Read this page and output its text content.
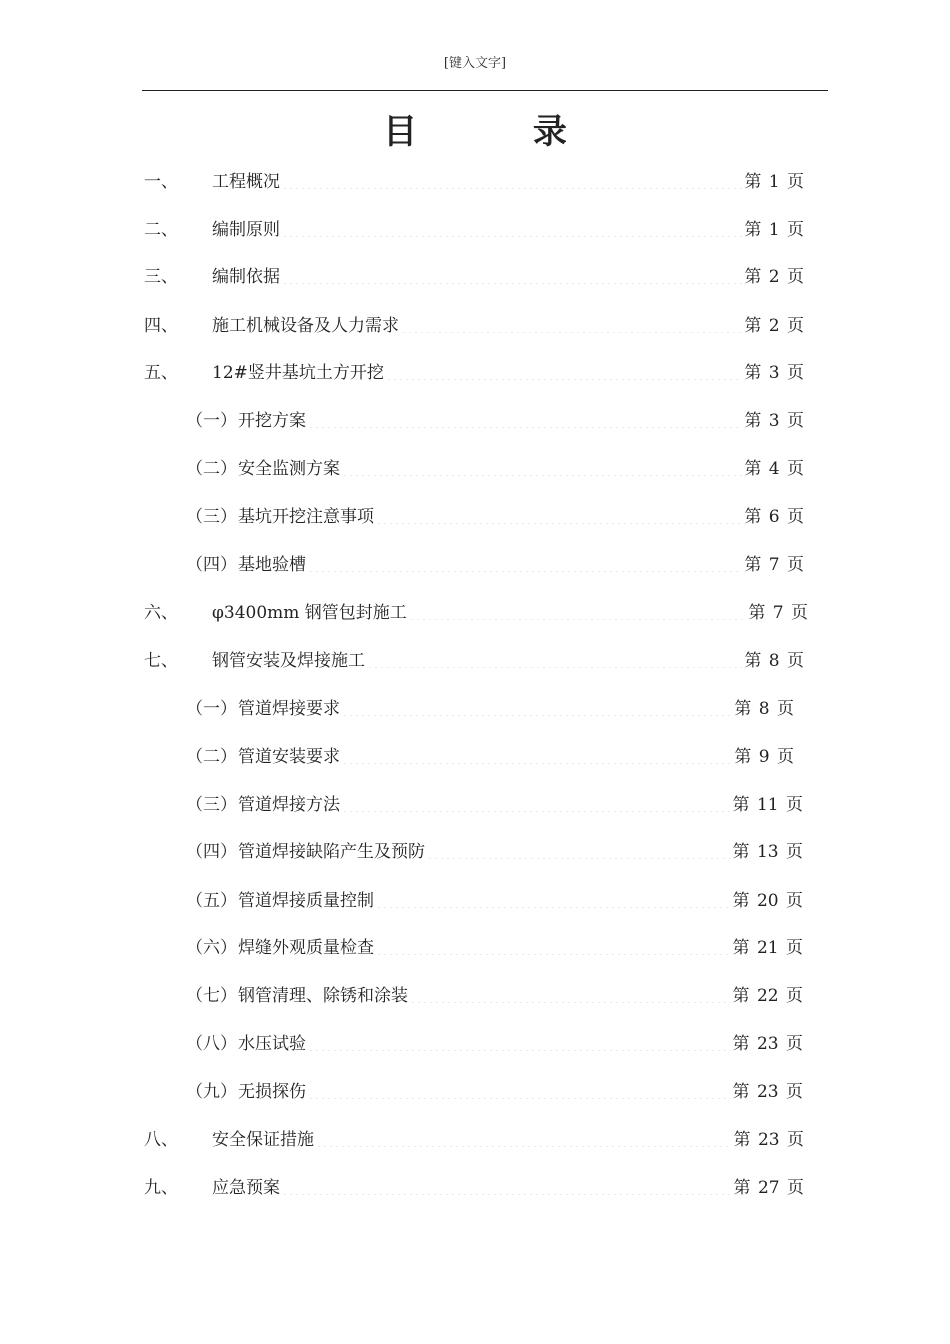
[键入文字]
目 录
一、	工程概况	第 1 页
二、	编制原则	第 1 页
三、	编制依据	第 2 页
四、	施工机械设备及人力需求	第 2 页
五、	12#竖井基坑土方开挖	第 3 页
（一） 开挖方案	第 3 页
（二） 安全监测方案	第 4 页
（三） 基坑开挖注意事项	第 6 页
（四） 基地验槽	第 7 页
六、	φ3400mm 钢管包封施工	第 7 页
七、	钢管安装及焊接施工	第 8 页
（一） 管道焊接要求	第 8 页
（二） 管道安装要求	第 9 页
（三） 管道焊接方法	第 11 页
（四） 管道焊接缺陷产生及预防	第 13 页
（五） 管道焊接质量控制	第 20 页
（六） 焊缝外观质量检查	第 21 页
（七） 钢管清理、除锈和涂装	第 22 页
（八） 水压试验	第 23 页
（九） 无损探伤	第 23 页
八、	安全保证措施	第 23 页
九、	应急预案	第 27 页
